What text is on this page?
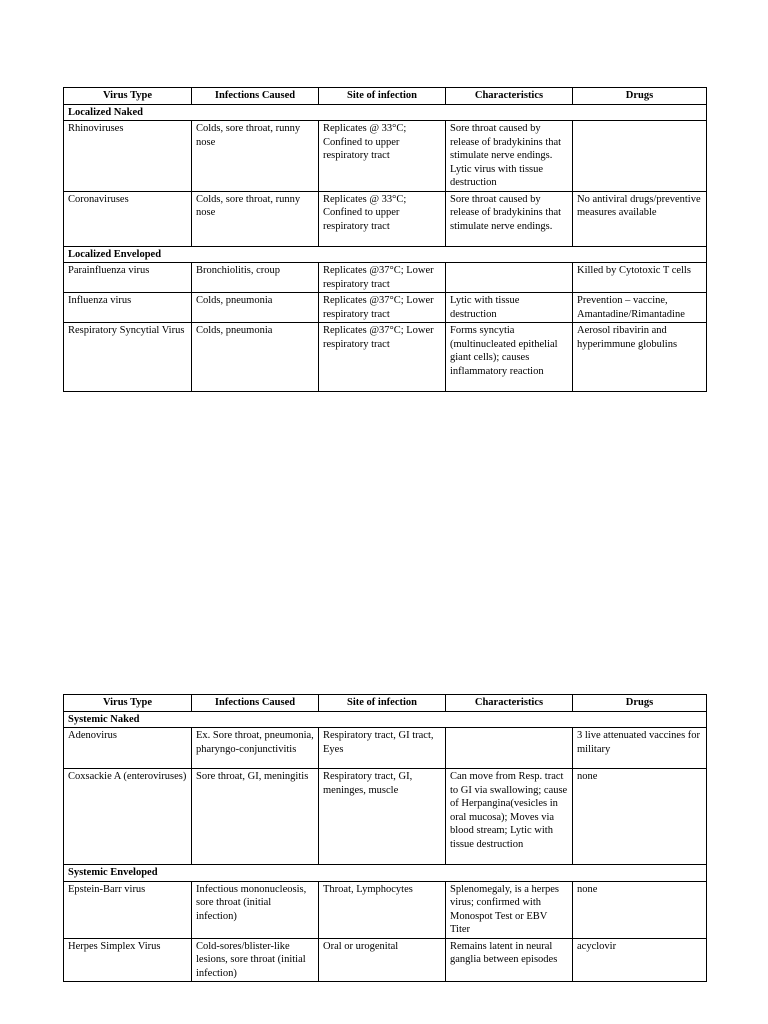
Virus Type	Infections Caused	Site of infection	Characteristics	Drugs
Localized Naked				
Rhinoviruses	Colds, sore throat, runny nose	Replicates @ 33°C; Confined to upper respiratory tract	Sore throat caused by release of bradykinins that stimulate nerve endings. Lytic virus with tissue destruction	
Coronaviruses	Colds, sore throat, runny nose	Replicates @ 33°C; Confined to upper respiratory tract	Sore throat caused by release of bradykinins that stimulate nerve endings.	No antiviral drugs/preventive measures available
Localized Enveloped				
Parainfluenza virus	Bronchiolitis, croup	Replicates @37°C; Lower respiratory tract		Killed by Cytotoxic T cells
Influenza virus	Colds, pneumonia	Replicates @37°C; Lower respiratory tract	Lytic with tissue destruction	Prevention – vaccine, Amantadine/Rimantadine
Respiratory Syncytial Virus	Colds, pneumonia	Replicates @37°C; Lower respiratory tract	Forms syncytia (multinucleated epithelial giant cells); causes inflammatory reaction	Aerosol ribavirin and hyperimmune globulins
Virus Type	Infections Caused	Site of infection	Characteristics	Drugs
Systemic Naked				
Adenovirus	Ex. Sore throat, pneumonia, pharyngo-conjunctivitis	Respiratory tract, GI tract, Eyes		3 live attenuated vaccines for military
Coxsackie A (enteroviruses)	Sore throat, GI, meningitis	Respiratory tract, GI, meninges, muscle	Can move from Resp. tract to GI via swallowing; cause of Herpangina(vesicles in oral mucosa); Moves via blood stream; Lytic with tissue destruction	none
Systemic Enveloped				
Epstein-Barr virus	Infectious mononucleosis, sore throat (initial infection)	Throat, Lymphocytes	Splenomegaly, is a herpes virus; confirmed with Monospot Test or EBV Titer	none
Herpes Simplex Virus	Cold-sores/blister-like lesions, sore throat (initial infection)	Oral or urogenital	Remains latent in neural ganglia between episodes	acyclovir
